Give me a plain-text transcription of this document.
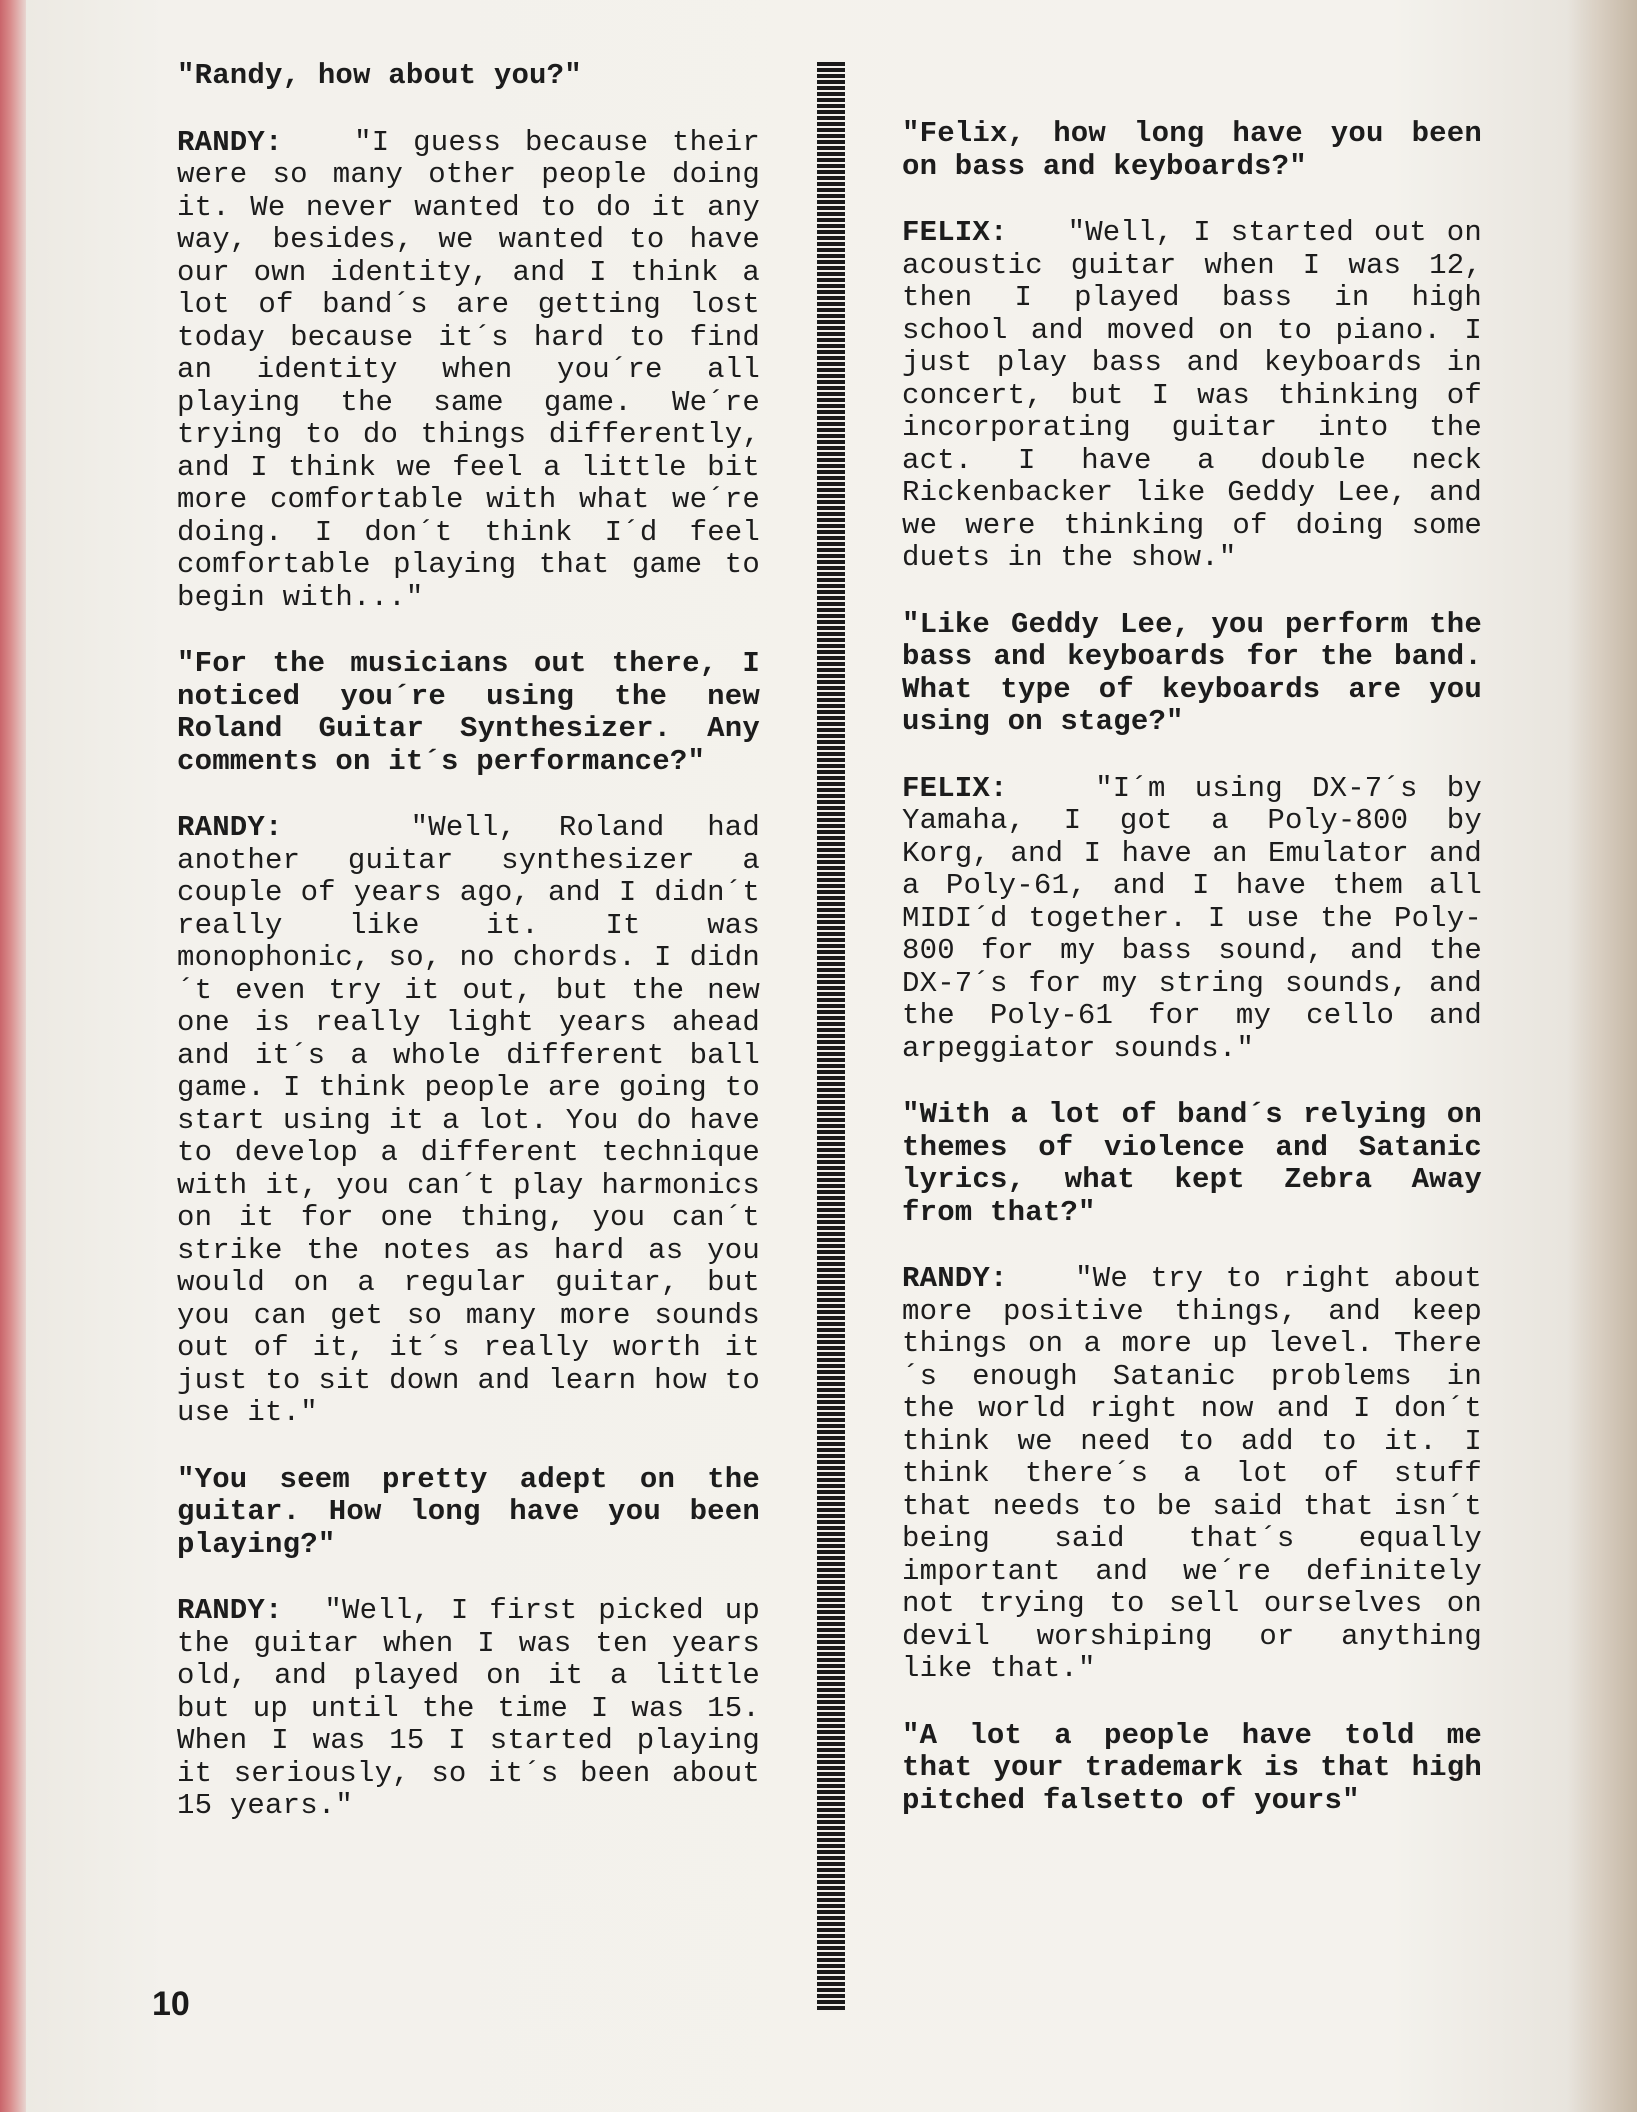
"Randy, how about you?"

RANDY: "I guess because their were so many other people doing it. We never wanted to do it any way, besides, we wanted to have our own identity, and I think a lot of band´s are getting lost today because it´s hard to find an identity when you´re all playing the same game. We´re trying to do things differently, and I think we feel a little bit more comfortable with what we´re doing. I don´t think I´d feel comfortable playing that game to begin with..."

"For the musicians out there, I noticed you´re using the new Roland Guitar Synthesizer. Any comments on it´s performance?"

RANDY:	"Well, Roland had another guitar synthesizer a couple of years ago, and I didn´t really like it. It was monophonic, so, no chords. I didn´t even try it out, but the new one is really light years ahead and it´s a whole different ball game. I think people are going to start using it a lot. You do have to develop a different technique with it, you can´t play harmonics on it for one thing, you can´t strike the notes as hard as you would on a regular guitar, but you can get so many more sounds out of it, it´s really worth it just to sit down and learn how to use it."

"You seem pretty adept on the guitar. How long have you been playing?"

RANDY: "Well, I first picked up the guitar when I was ten years old, and played on it a little but up until the time I was 15. When I was 15 I started playing it seriously, so it´s been about 15 years."

"Felix, how long have you been on bass and keyboards?"

FELIX: "Well, I started out on acoustic guitar when I was 12, then I played bass in high school and moved on to piano. I just play bass and keyboards in concert, but I was thinking of incorporating guitar into the act. I have a double neck Rickenbacker like Geddy Lee, and we were thinking of doing some duets in the show."

"Like Geddy Lee, you perform the bass and keyboards for the band. What type of keyboards are you using on stage?"

FELIX:	"I´m using DX-7´s by Yamaha, I got a Poly-800 by Korg, and I have an Emulator and a Poly-61, and I have them all MIDI´d together. I use the Poly-800 for my bass sound, and the DX-7´s for my string sounds, and the Poly-61 for my cello and arpeggiator sounds."

"With a lot of band´s relying on themes of violence and Satanic lyrics, what kept Zebra Away from that?"

RANDY: "We try to right about more positive things, and keep things on a more up level. There´s enough Satanic problems in the world right now and I don´t think we need to add to it. I think there´s a lot of stuff that needs to be said that isn´t being said that´s equally important and we´re definitely not trying to sell ourselves on devil worshiping or anything like that."

"A lot a people have told me that your trademark is that high pitched falsetto of yours"

10
